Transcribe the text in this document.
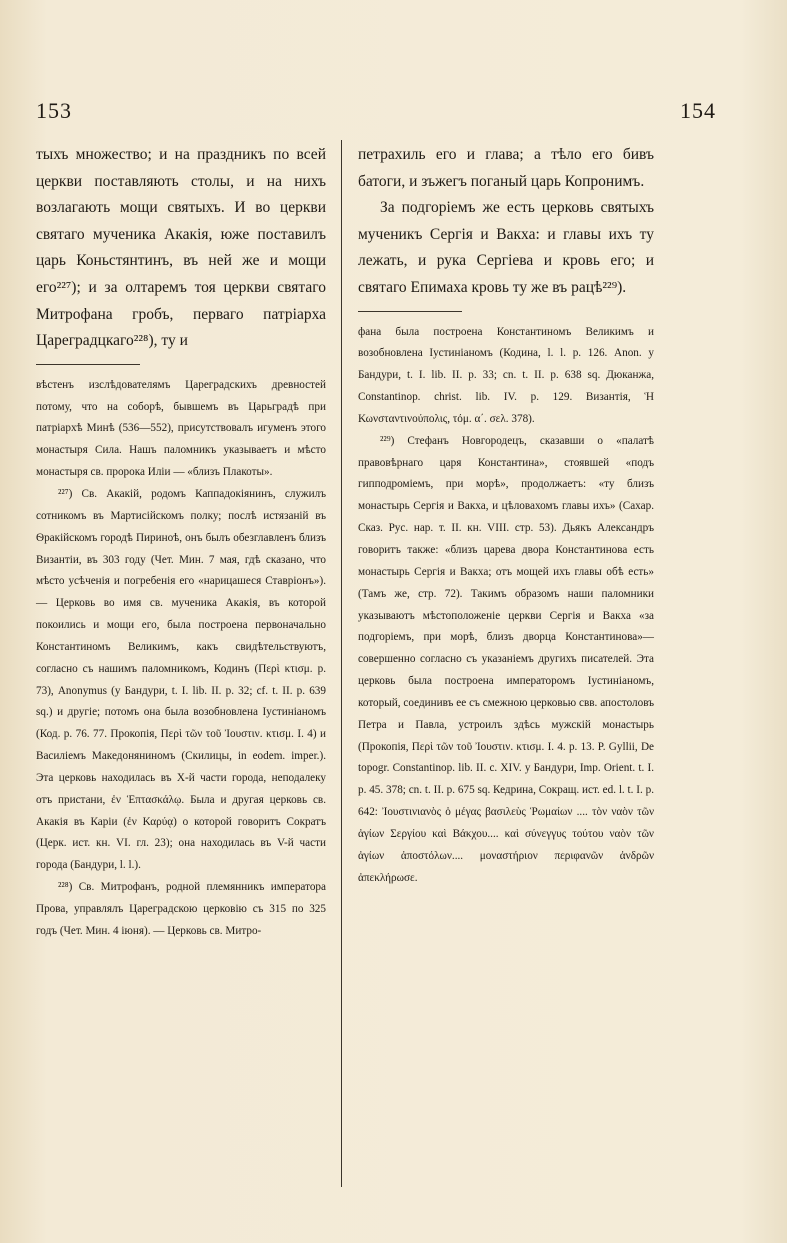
153	154

тыхъ множество; и на праздникъ по всей церкви поставляють столы, и на нихъ возлагають мощи святыхъ. И во церкви святаго мученика Акакія, юже поставилъ царь Коньстянтинъ, въ ней же и мощи его²²⁷); и за олтаремъ тоя церкви святаго Митрофана гробъ, перваго патріарха Цареградцкаго²²⁸), ту и

вѣстенъ изслѣдователямъ Цареградскихъ древностей потому, что на соборѣ, бывшемъ въ Царьградѣ при патріархѣ Минѣ (536—552), присутствовалъ игуменъ этого монастыря Сила. Нашъ паломникъ указываетъ и мѣсто монастыря св. пророка Иліи — «близъ Плакоты».

²²⁷) Св. Акакій, родомъ Каппадокіянинъ, служилъ сотникомъ въ Мартисійскомъ полку; послѣ истязаній въ Ѳракійскомъ городѣ Пириноѣ, онъ былъ обезглавленъ близъ Византіи, въ 303 году (Чет. Мин. 7 мая, гдѣ сказано, что мѣсто усѣченія и погребенія его «нарицашеся Ставріонъ»). — Церковь во имя св. мученика Акакія, въ которой покоились и мощи его, была построена первоначально Константиномъ Великимъ, какъ свидѣтельствуютъ, согласно съ нашимъ паломникомъ, Кодинъ (Περὶ κτισμ. р. 73), Anonymus (у Бандури, t. I. lib. II. p. 32; cf. t. II. p. 639 sq.) и другіе; потомъ она была возобновлена Іустиніаномъ (Код. р. 76. 77. Прокопія, Περὶ τῶν τοῦ Ἰουστιν. κτισμ. I. 4) и Василіемъ Македоняниномъ (Скилицы, in eodem. imper.). Эта церковь находилась въ X-й части города, неподалеку отъ пристани, ἐν Ἑπτασκάλῳ. Была и другая церковь св. Акакія въ Каріи (ἐν Καρύᾳ) о которой говоритъ Сократъ (Церк. ист. кн. VI. гл. 23); она находилась въ V-й части города (Бандури, l. l.).

²²⁸) Св. Митрофанъ, родной племянникъ императора Прова, управлялъ Цареградскою церковію съ 315 по 325 годъ (Чет. Мин. 4 іюня). — Церковь св. Митро-

петрахиль его и глава; а тѣло его бивъ батоги, и зъжегъ поганый царь Копронимъ.

За подгоріемъ же есть церковь святыхъ мученикъ Сергія и Вакха: и главы ихъ ту лежать, и рука Сергіева и кровь его; и святаго Епимаха кровь ту же въ рацѣ²²⁹).

фана была построена Константиномъ Великимъ и возобновлена Іустиніаномъ (Кодина, l. l. р. 126. Anon. у Бандури, t. I. lib. II. p. 33; cn. t. II. p. 638 sq. Дюканжа, Constantinop. christ. lib. IV. p. 129. Византія, Ἡ Κωνσταντινούπολις, τόμ. α΄. σελ. 378).

²²⁹) Стефанъ Новгородецъ, сказавши о «палатѣ правовѣрнаго царя Константина», стоявшей «подъ гипподроміемъ, при морѣ», продолжаетъ: «ту близъ монастырь Сергія и Вакха, и цѣловахомъ главы ихъ» (Сахар. Сказ. Рус. нар. т. II. кн. VIII. стр. 53). Дьякъ Александръ говоритъ также: «близъ царева двора Константинова есть монастырь Сергія и Вакха; отъ мощей ихъ главы обѣ есть» (Тамъ же, стр. 72). Такимъ образомъ наши паломники указываютъ мѣстоположеніе церкви Сергія и Вакха «за подгоріемъ, при морѣ, близъ дворца Константинова»—совершенно согласно съ указаніемъ другихъ писателей. Эта церковь была построена императоромъ Іустиніаномъ, который, соединивъ ее съ смежною церковью свв. апостоловъ Петра и Павла, устроилъ здѣсь мужскій монастырь (Прокопія, Περὶ τῶν τοῦ Ἰουστιν. κτισμ. I. 4. p. 13. P. Gyllii, De topogr. Constantinop. lib. II. c. XIV. у Бандури, Imp. Orient. t. I. p. 45. 378; cn. t. II. p. 675 sq. Кедрина, Сокращ. ист. ed. l. t. I. p. 642: Ἰουστινιανὸς ὁ μέγας βασιλεὺς Ῥωμαίων .... τὸν ναὸν τῶν ἁγίων Σεργίου καὶ Βάκχου.... καὶ σύνεγγυς τούτου ναὸν τῶν ἁγίων ἀποστόλων.... μοναστήριον περιφανῶν ἀνδρῶν ἀπεκλήρωσε.
